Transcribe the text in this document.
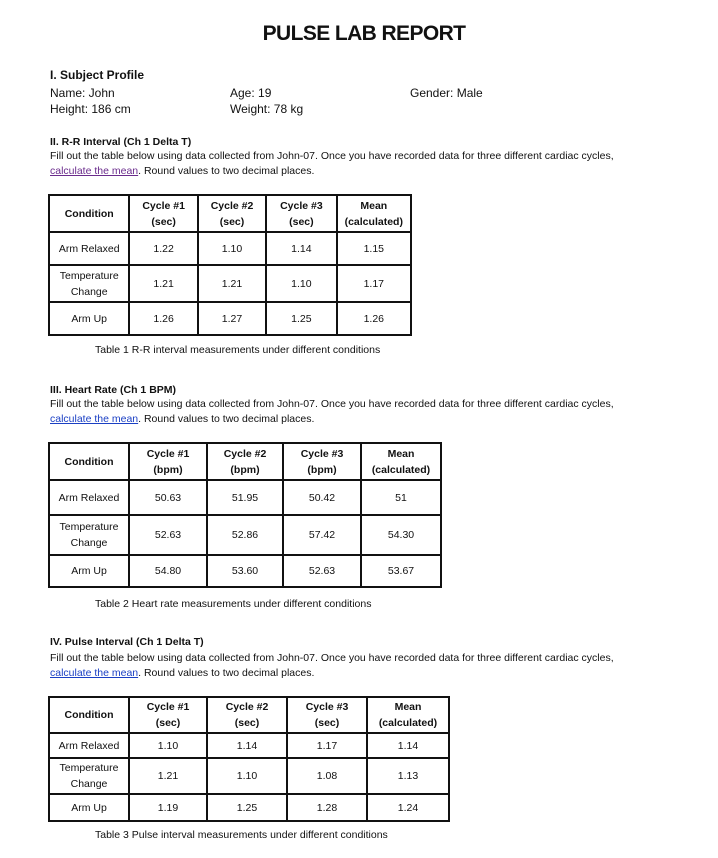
PULSE LAB REPORT
I. Subject Profile
Name: John
Height: 186 cm
Age: 19
Weight: 78 kg
Gender: Male
II. R-R Interval (Ch 1 Delta T)
Fill out the table below using data collected from John-07. Once you have recorded data for three different cardiac cycles,
calculate the mean. Round values to two decimal places.
Condition	Cycle #1
(sec)	Cycle #2
(sec)	Cycle #3
(sec)	Mean
(calculated)
Arm Relaxed	1.22	1.10	1.14	1.15
Temperature
Change	1.21	1.21	1.10	1.17
Arm Up	1.26	1.27	1.25	1.26
Table 1 R-R interval measurements under different conditions
III. Heart Rate (Ch 1 BPM)
Fill out the table below using data collected from John-07. Once you have recorded data for three different cardiac cycles,
calculate the mean. Round values to two decimal places.
Condition	Cycle #1
(bpm)	Cycle #2
(bpm)	Cycle #3
(bpm)	Mean
(calculated)
Arm Relaxed	50.63	51.95	50.42	51
Temperature
Change	52.63	52.86	57.42	54.30
Arm Up	54.80	53.60	52.63	53.67
Table 2 Heart rate measurements under different conditions
IV. Pulse Interval (Ch 1 Delta T)
Fill out the table below using data collected from John-07. Once you have recorded data for three different cardiac cycles,
calculate the mean. Round values to two decimal places.
Condition	Cycle #1
(sec)	Cycle #2
(sec)	Cycle #3
(sec)	Mean
(calculated)
Arm Relaxed	1.10	1.14	1.17	1.14
Temperature
Change	1.21	1.10	1.08	1.13
Arm Up	1.19	1.25	1.28	1.24
Table 3 Pulse interval measurements under different conditions
